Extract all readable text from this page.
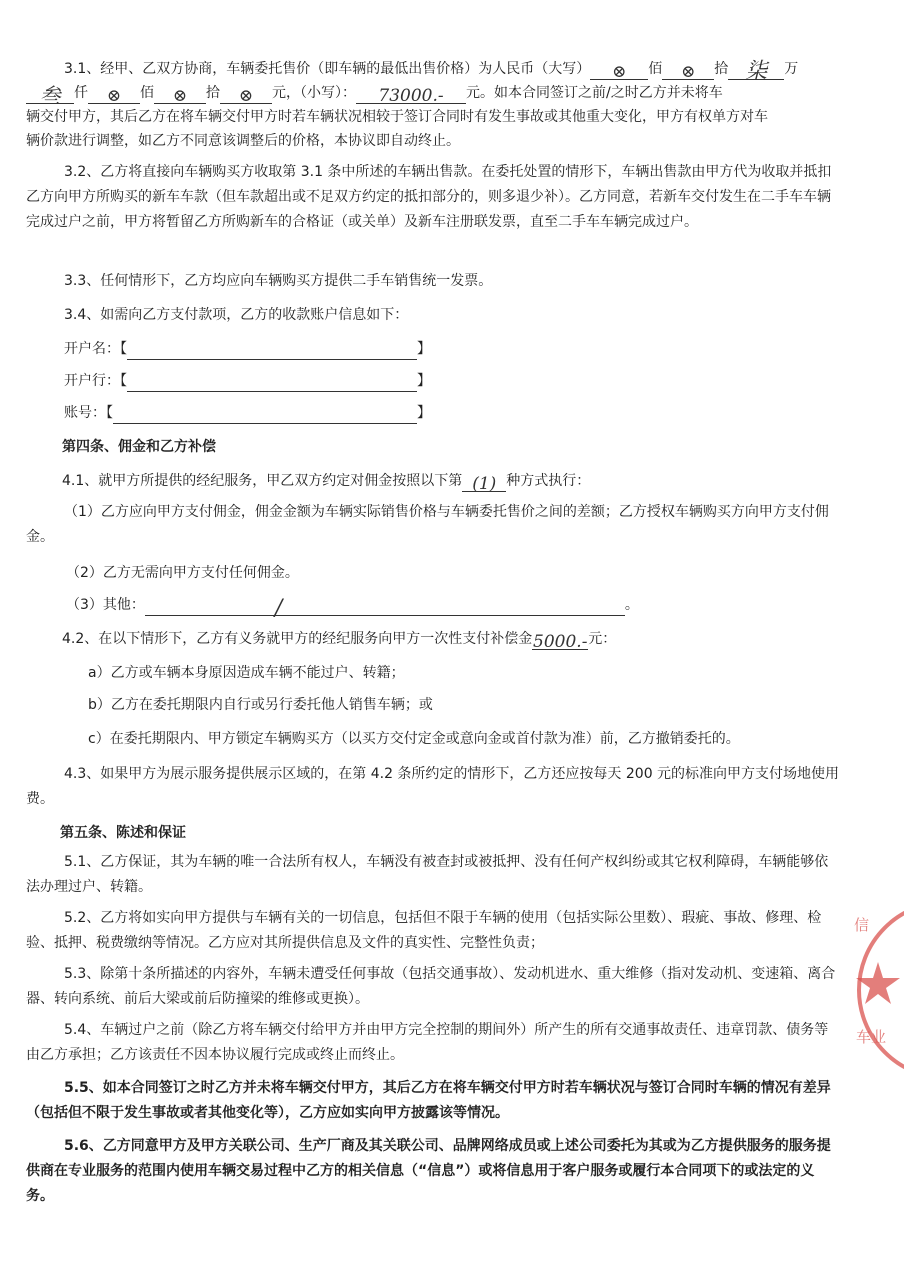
3.1、经甲、乙双方协商，车辆委托售价（即车辆的最低出售价格）为人民币（大写） ⊗ 佰 ⊗ 拾 柒 万
叁 仟 ⊗ 佰 ⊗ 拾 ⊗ 元，（小写）： 73000.- 元。如本合同签订之前/之时乙方并未将车
辆交付甲方，其后乙方在将车辆交付甲方时若车辆状况相较于签订合同时有发生事故或其他重大变化，甲方有权单方对车
辆价款进行调整，如乙方不同意该调整后的价格，本协议即自动终止。

3.2、乙方将直接向车辆购买方收取第 3.1 条中所述的车辆出售款。在委托处置的情形下，车辆出售款由甲方代为收取并抵扣乙方向甲方所购买的新车车款（但车款超出或不足双方约定的抵扣部分的，则多退少补）。乙方同意，若新车交付发生在二手车车辆完成过户之前，甲方将暂留乙方所购新车的合格证（或关单）及新车注册联发票，直至二手车车辆完成过户。

3.3、任何情形下，乙方均应向车辆购买方提供二手车销售统一发票。
3.4、如需向乙方支付款项，乙方的收款账户信息如下：
开户名：【	】
开户行：【	】
账号：【	】
第四条、佣金和乙方补偿
4.1、就甲方所提供的经纪服务，甲乙双方约定对佣金按照以下第 (1) 种方式执行：

（1）乙方应向甲方支付佣金，佣金金额为车辆实际销售价格与车辆委托售价之间的差额；乙方授权车辆购买方向甲方支付佣金。

（2）乙方无需向甲方支付任何佣金。
（3）其他：	/	。
4.2、在以下情形下，乙方有义务就甲方的经纪服务向甲方一次性支付补偿金5000.-元：
a）乙方或车辆本身原因造成车辆不能过户、转籍；
b）乙方在委托期限内自行或另行委托他人销售车辆；或
c）在委托期限内、甲方锁定车辆购买方（以买方交付定金或意向金或首付款为准）前，乙方撤销委托的。

4.3、如果甲方为展示服务提供展示区域的，在第 4.2 条所约定的情形下，乙方还应按每天 200 元的标准向甲方支付场地使用费。

第五条、陈述和保证

5.1、乙方保证，其为车辆的唯一合法所有权人，车辆没有被查封或被抵押、没有任何产权纠纷或其它权利障碍，车辆能够依法办理过户、转籍。

5.2、乙方将如实向甲方提供与车辆有关的一切信息，包括但不限于车辆的使用（包括实际公里数）、瑕疵、事故、修理、检验、抵押、税费缴纳等情况。乙方应对其所提供信息及文件的真实性、完整性负责；

5.3、除第十条所描述的内容外，车辆未遭受任何事故（包括交通事故）、发动机进水、重大维修（指对发动机、变速箱、离合器、转向系统、前后大梁或前后防撞梁的维修或更换）。

5.4、车辆过户之前（除乙方将车辆交付给甲方并由甲方完全控制的期间外）所产生的所有交通事故责任、违章罚款、债务等由乙方承担；乙方该责任不因本协议履行完成或终止而终止。

5.5、如本合同签订之时乙方并未将车辆交付甲方，其后乙方在将车辆交付甲方时若车辆状况与签订合同时车辆的情况有差异（包括但不限于发生事故或者其他变化等），乙方应如实向甲方披露该等情况。

5.6、乙方同意甲方及甲方关联公司、生产厂商及其关联公司、品牌网络成员或上述公司委托为其或为乙方提供服务的服务提供商在专业服务的范围内使用车辆交易过程中乙方的相关信息（“信息”）或将信息用于客户服务或履行本合同项下的或法定的义务。

信
车业
